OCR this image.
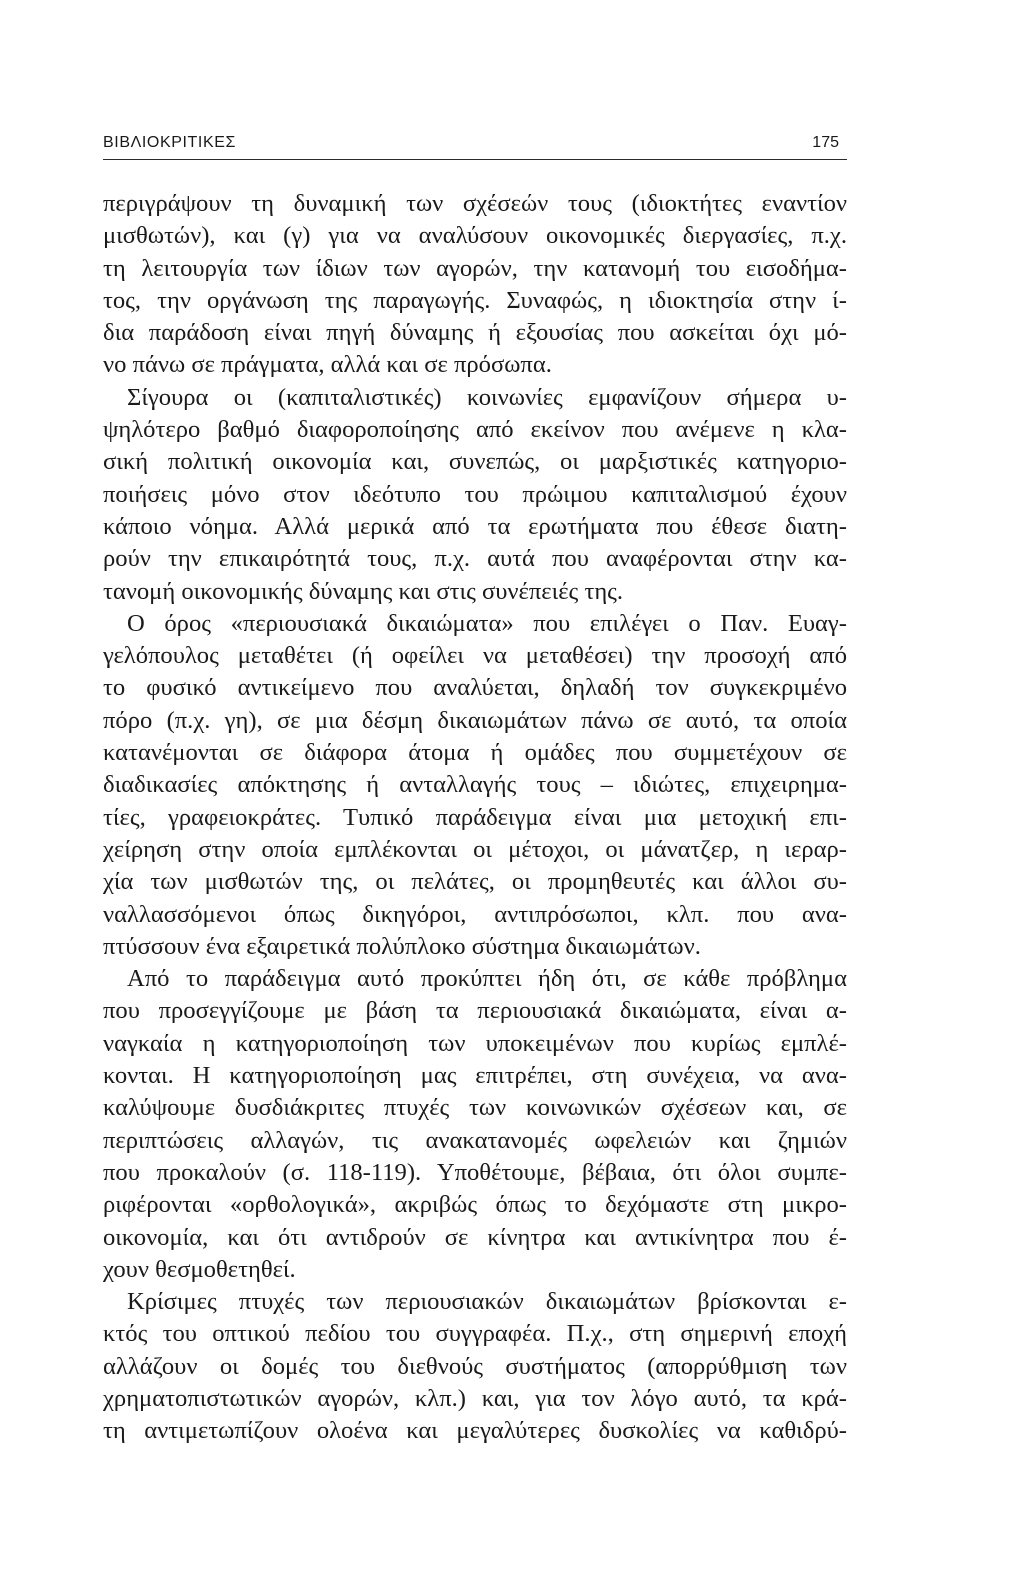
ΒΙΒΛΙΟΚΡΙΤΙΚΕΣ	175

περιγράψουν τη δυναμική των σχέσεών τους (ιδιοκτήτες εναντίον
μισθωτών), και (γ) για να αναλύσουν οικονομικές διεργασίες, π.χ.
τη λειτουργία των ίδιων των αγορών, την κατανομή του εισοδήμα-
τος, την οργάνωση της παραγωγής. Συναφώς, η ιδιοκτησία στην ί-
δια παράδοση είναι πηγή δύναμης ή εξουσίας που ασκείται όχι μό-
νο πάνω σε πράγματα, αλλά και σε πρόσωπα.

Σίγουρα οι (καπιταλιστικές) κοινωνίες εμφανίζουν σήμερα υ-
ψηλότερο βαθμό διαφοροποίησης από εκείνον που ανέμενε η κλα-
σική πολιτική οικονομία και, συνεπώς, οι μαρξιστικές κατηγοριο-
ποιήσεις μόνο στον ιδεότυπο του πρώιμου καπιταλισμού έχουν
κάποιο νόημα. Αλλά μερικά από τα ερωτήματα που έθεσε διατη-
ρούν την επικαιρότητά τους, π.χ. αυτά που αναφέρονται στην κα-
τανομή οικονομικής δύναμης και στις συνέπειές της.

Ο όρος «περιουσιακά δικαιώματα» που επιλέγει ο Παν. Ευαγ-
γελόπουλος μεταθέτει (ή οφείλει να μεταθέσει) την προσοχή από
το φυσικό αντικείμενο που αναλύεται, δηλαδή τον συγκεκριμένο
πόρο (π.χ. γη), σε μια δέσμη δικαιωμάτων πάνω σε αυτό, τα οποία
κατανέμονται σε διάφορα άτομα ή ομάδες που συμμετέχουν σε
διαδικασίες απόκτησης ή ανταλλαγής τους – ιδιώτες, επιχειρημα-
τίες, γραφειοκράτες. Τυπικό παράδειγμα είναι μια μετοχική επι-
χείρηση στην οποία εμπλέκονται οι μέτοχοι, οι μάνατζερ, η ιεραρ-
χία των μισθωτών της, οι πελάτες, οι προμηθευτές και άλλοι συ-
ναλλασσόμενοι όπως δικηγόροι, αντιπρόσωποι, κλπ. που ανα-
πτύσσουν ένα εξαιρετικά πολύπλοκο σύστημα δικαιωμάτων.

Από το παράδειγμα αυτό προκύπτει ήδη ότι, σε κάθε πρόβλημα
που προσεγγίζουμε με βάση τα περιουσιακά δικαιώματα, είναι α-
ναγκαία η κατηγοριοποίηση των υποκειμένων που κυρίως εμπλέ-
κονται. Η κατηγοριοποίηση μας επιτρέπει, στη συνέχεια, να ανα-
καλύψουμε δυσδιάκριτες πτυχές των κοινωνικών σχέσεων και, σε
περιπτώσεις αλλαγών, τις ανακατανομές ωφελειών και ζημιών
που προκαλούν (σ. 118-119). Υποθέτουμε, βέβαια, ότι όλοι συμπε-
ριφέρονται «ορθολογικά», ακριβώς όπως το δεχόμαστε στη μικρο-
οικονομία, και ότι αντιδρούν σε κίνητρα και αντικίνητρα που έ-
χουν θεσμοθετηθεί.

Κρίσιμες πτυχές των περιουσιακών δικαιωμάτων βρίσκονται ε-
κτός του οπτικού πεδίου του συγγραφέα. Π.χ., στη σημερινή εποχή
αλλάζουν οι δομές του διεθνούς συστήματος (απορρύθμιση των
χρηματοπιστωτικών αγορών, κλπ.) και, για τον λόγο αυτό, τα κρά-
τη αντιμετωπίζουν ολοένα και μεγαλύτερες δυσκολίες να καθιδρύ-
